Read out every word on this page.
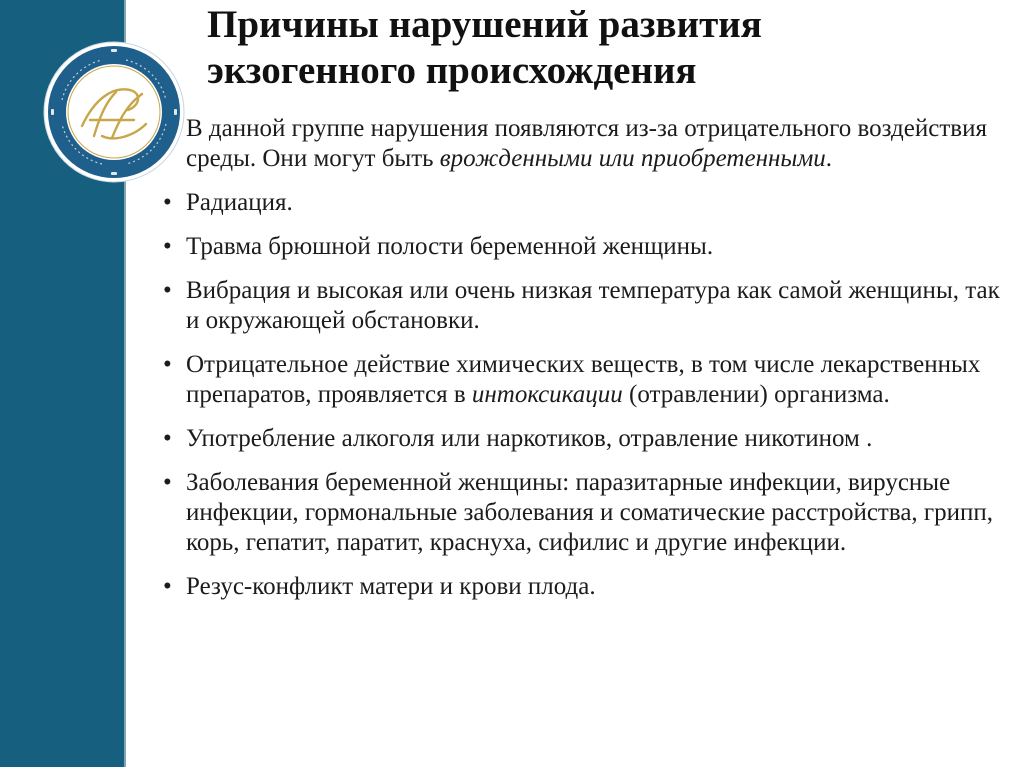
Причины нарушений развития
экзогенного происхождения

В данной группе нарушения появляются из-за отрицательного воздействия среды. Они могут быть врожденными или приобретенными.

• Радиация.
• Травма брюшной полости беременной женщины.
• Вибрация и высокая или очень низкая температура как самой женщины, так и окружающей обстановки.
• Отрицательное действие химических веществ, в том числе лекарственных препаратов, проявляется в интоксикации (отравлении) организма.
• Употребление алкоголя или наркотиков, отравление никотином .
• Заболевания беременной женщины: паразитарные инфекции, вирусные инфекции, гормональные заболевания и соматические расстройства, грипп, корь, гепатит, паратит, краснуха, сифилис и другие инфекции.
• Резус-конфликт матери и крови плода.
